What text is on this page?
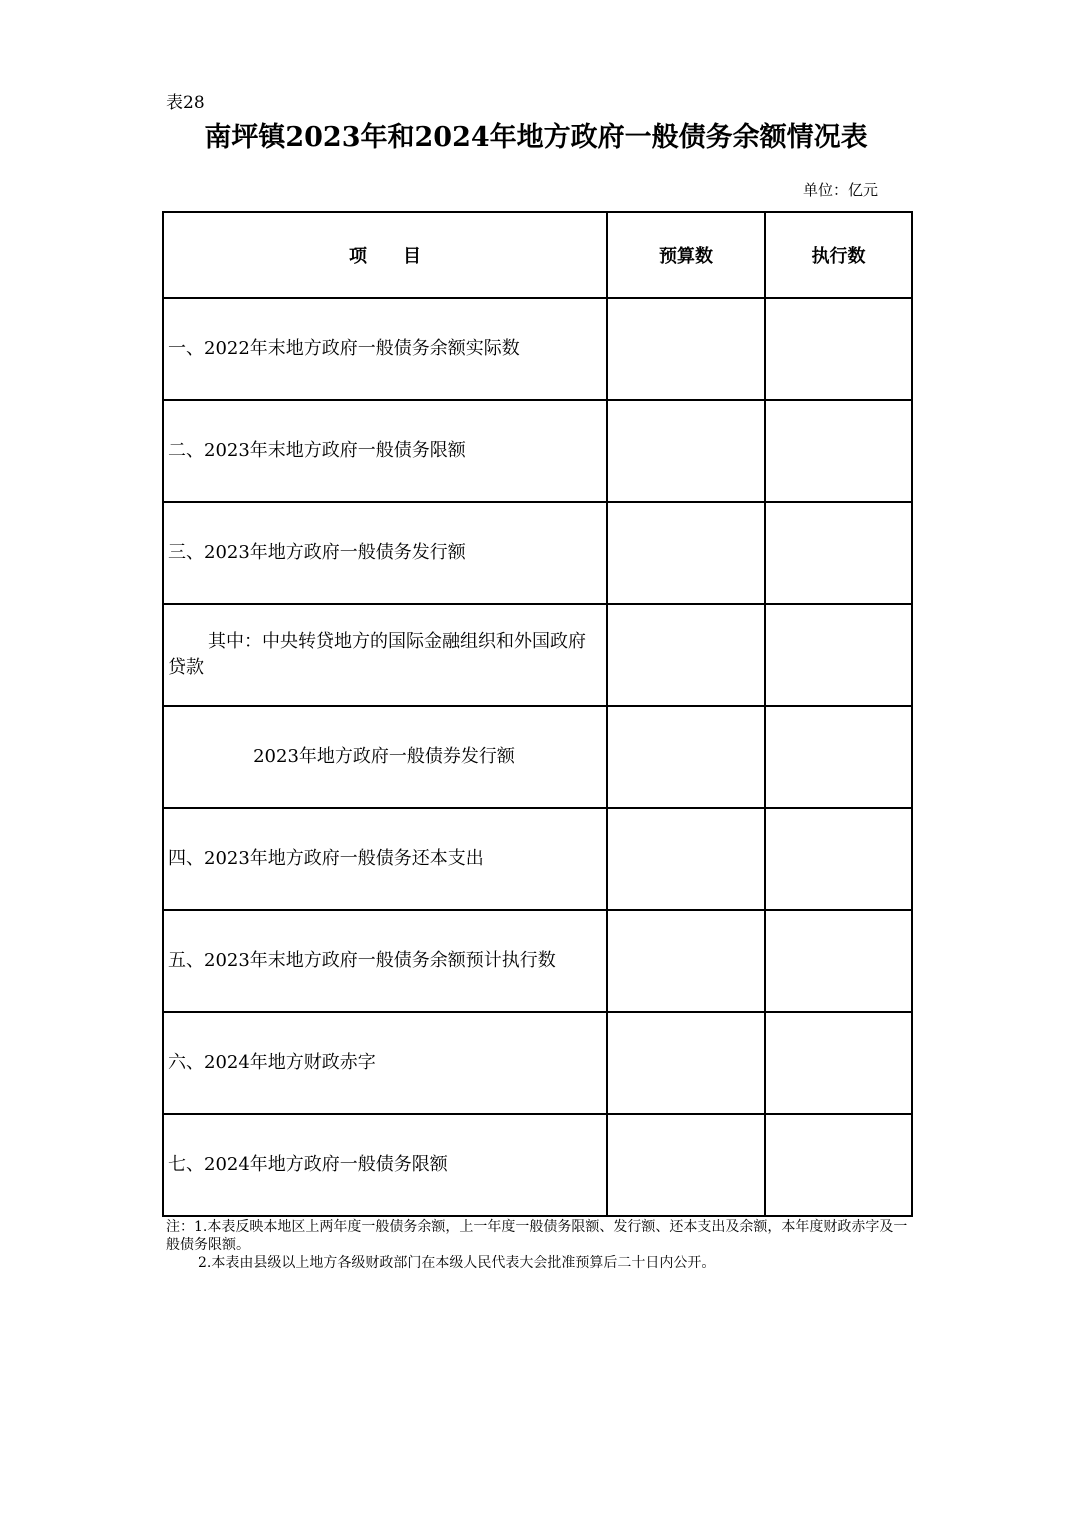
表28
南坪镇2023年和2024年地方政府一般债务余额情况表
单位：亿元
项　　目	预算数	执行数

一、2022年末地方政府一般债务余额实际数		

二、2023年末地方政府一般债务限额		

三、2023年地方政府一般债务发行额		

其中：中央转贷地方的国际金融组织和外国政府贷款		

2023年地方政府一般债券发行额		

四、2023年地方政府一般债务还本支出		

五、2023年末地方政府一般债务余额预计执行数		

六、2024年地方财政赤字		

七、2024年地方政府一般债务限额		

注：1.本表反映本地区上两年度一般债务余额，上一年度一般债务限额、发行额、还本支出及余额，本年度财政赤字及一般债务限额。

2.本表由县级以上地方各级财政部门在本级人民代表大会批准预算后二十日内公开。
